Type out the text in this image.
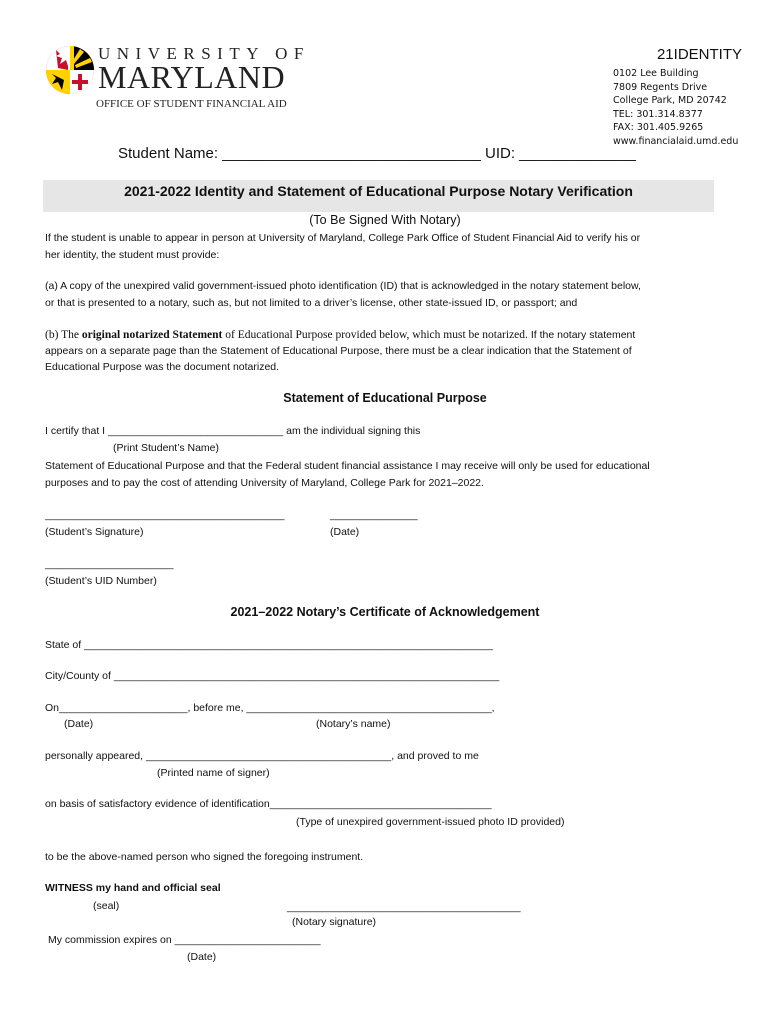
UNIVERSITY OF
MARYLAND
OFFICE OF STUDENT FINANCIAL AID
21IDENTITY
0102 Lee Building
7809 Regents Drive
College Park, MD 20742
TEL: 301.314.8377
FAX: 301.405.9265
www.financialaid.umd.edu
Student Name: _______________________________ UID: ______________
2021-2022 Identity and Statement of Educational Purpose Notary Verification
(To Be Signed With Notary)
If the student is unable to appear in person at University of Maryland, College Park Office of Student Financial Aid to verify his or
her identity, the student must provide:
(a) A copy of the unexpired valid government-issued photo identification (ID) that is acknowledged in the notary statement below,
or that is presented to a notary, such as, but not limited to a driver’s license, other state-issued ID, or passport; and
(b) The original notarized Statement of Educational Purpose provided below, which must be notarized. If the notary statement
appears on a separate page than the Statement of Educational Purpose, there must be a clear indication that the Statement of
Educational Purpose was the document notarized.
Statement of Educational Purpose
I certify that I ______________________________ am the individual signing this
(Print Student’s Name)
Statement of Educational Purpose and that the Federal student financial assistance I may receive will only be used for educational
purposes and to pay the cost of attending University of Maryland, College Park for 2021–2022.
_________________________________________	_______________
(Student’s Signature)	(Date)
______________________
(Student’s UID Number)
2021–2022 Notary’s Certificate of Acknowledgement
State of ______________________________________________________________________
City/County of __________________________________________________________________
On______________________, before me, __________________________________________,
(Date)	(Notary’s name)
personally appeared, __________________________________________, and proved to me
(Printed name of signer)
on basis of satisfactory evidence of identification______________________________________
(Type of unexpired government-issued photo ID provided)
to be the above-named person who signed the foregoing instrument.
WITNESS my hand and official seal
(seal)	________________________________________
(Notary signature)
My commission expires on _________________________
(Date)
